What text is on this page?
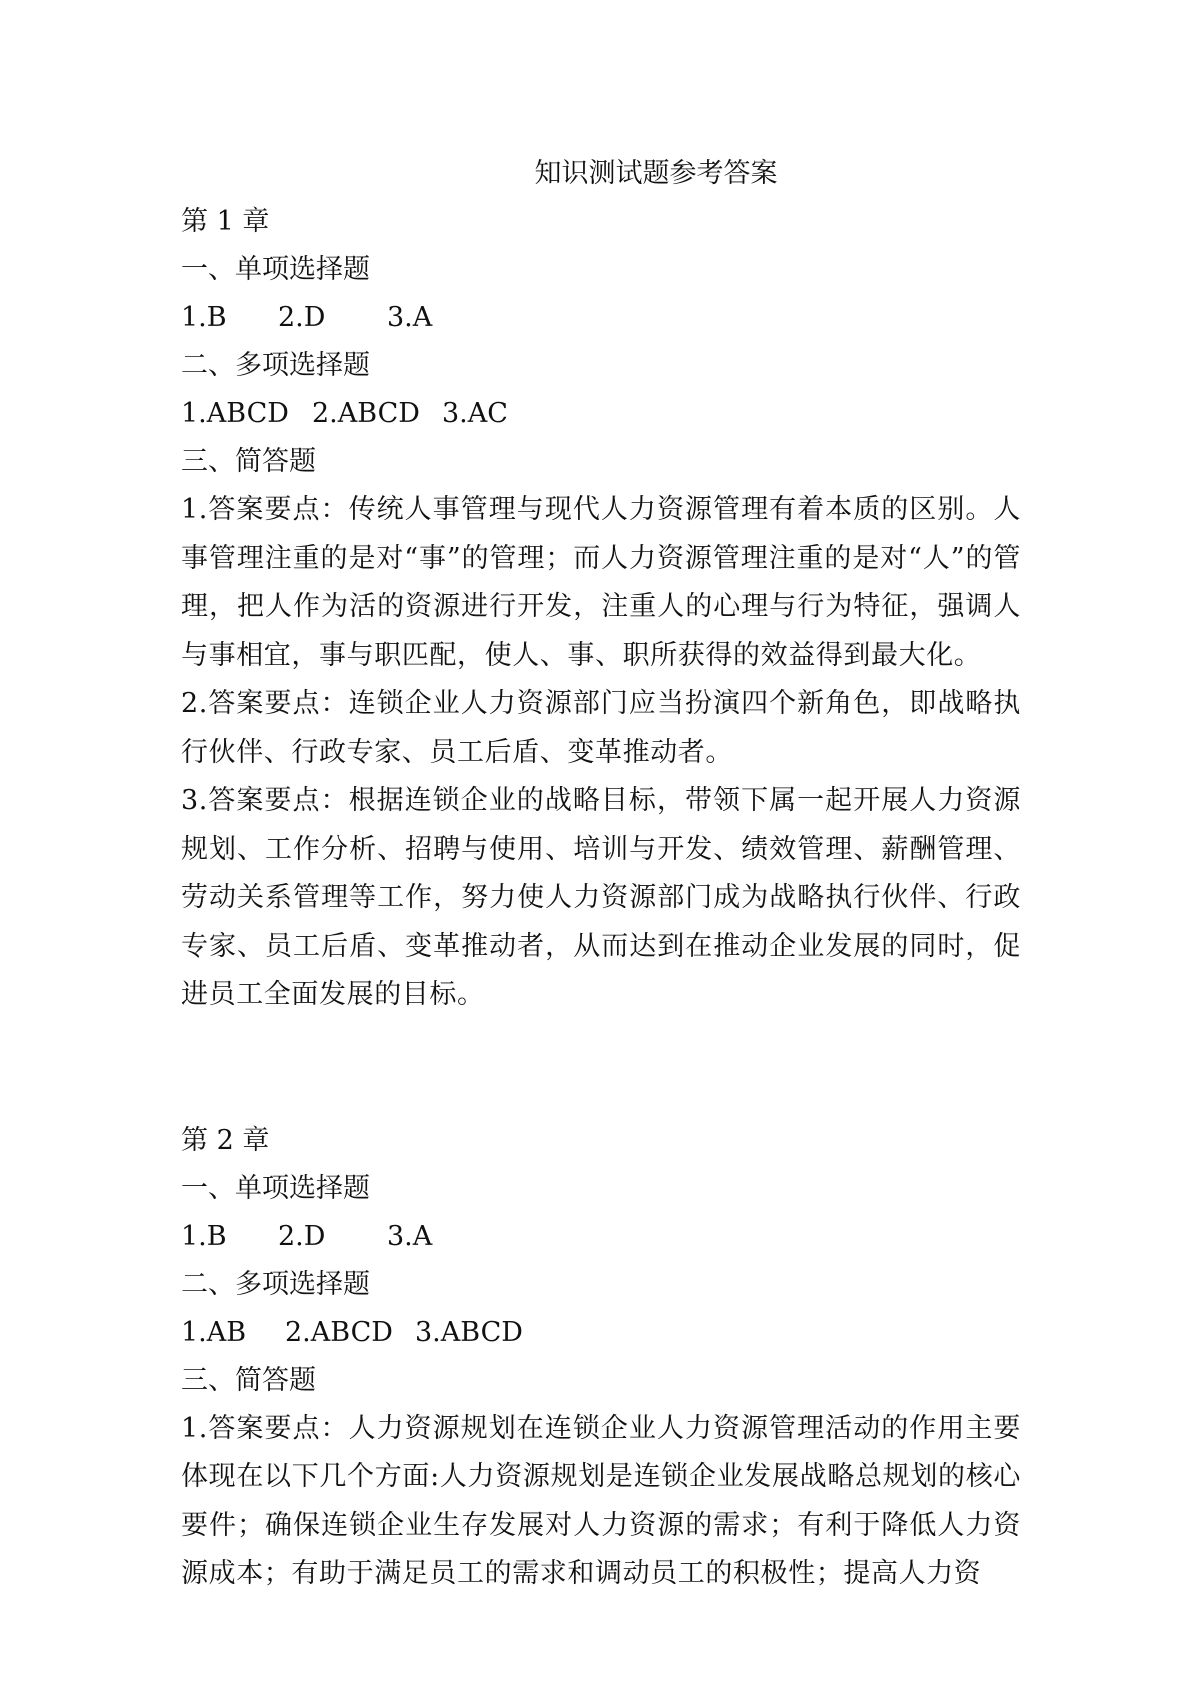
知识测试题参考答案
第 1 章
一、单项选择题
1.B	2.D	3.A
二、多项选择题
1.ABCD 2.ABCD 3.AC
三、简答题
1.答案要点：传统人事管理与现代人力资源管理有着本质的区别。人事管理注重的是对“事”的管理；而人力资源管理注重的是对“人”的管理，把人作为活的资源进行开发，注重人的心理与行为特征，强调人与事相宜，事与职匹配，使人、事、职所获得的效益得到最大化。
2.答案要点：连锁企业人力资源部门应当扮演四个新角色，即战略执行伙伴、行政专家、员工后盾、变革推动者。
3.答案要点：根据连锁企业的战略目标，带领下属一起开展人力资源规划、工作分析、招聘与使用、培训与开发、绩效管理、薪酬管理、劳动关系管理等工作，努力使人力资源部门成为战略执行伙伴、行政专家、员工后盾、变革推动者，从而达到在推动企业发展的同时，促进员工全面发展的目标。
第 2 章
一、单项选择题
1.B	2.D	3.A
二、多项选择题
1.AB	2.ABCD 3.ABCD
三、简答题
1.答案要点：人力资源规划在连锁企业人力资源管理活动的作用主要体现在以下几个方面:人力资源规划是连锁企业发展战略总规划的核心要件；确保连锁企业生存发展对人力资源的需求；有利于降低人力资源成本；有助于满足员工的需求和调动员工的积极性；提高人力资
